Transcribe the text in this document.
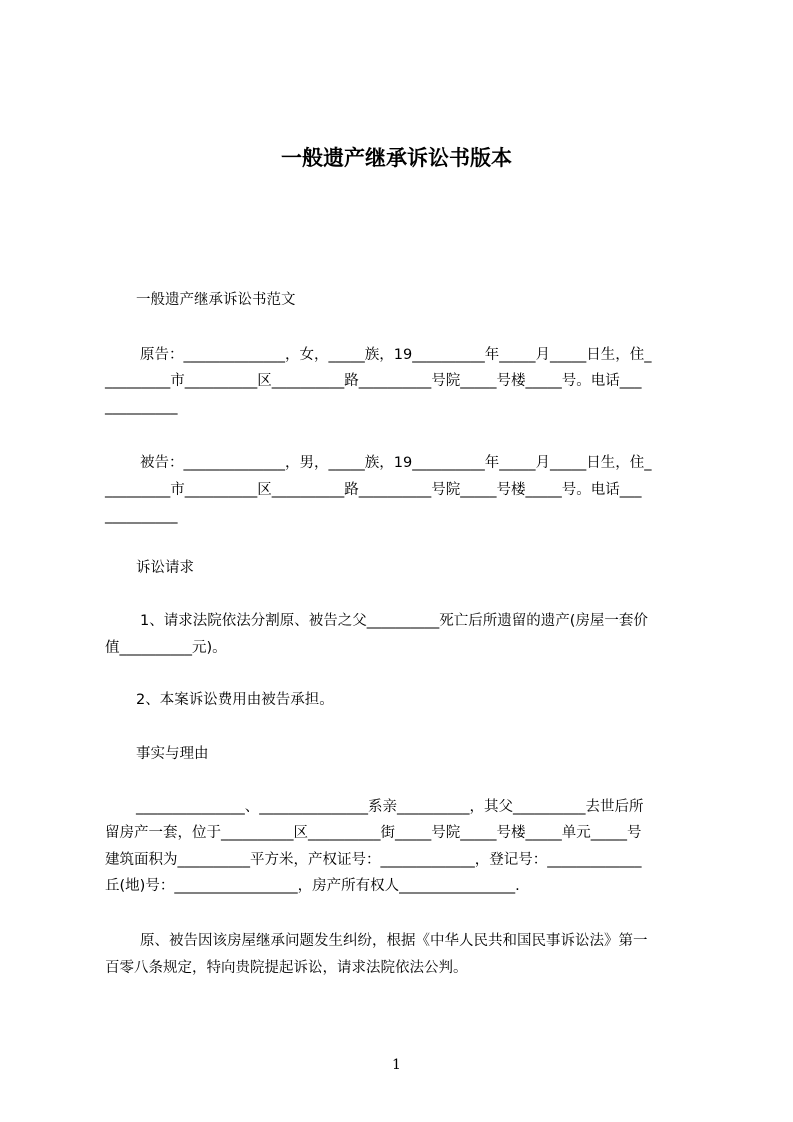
一般遗产继承诉讼书版本
一般遗产继承诉讼书范文
原告：______________，女，_____族，19__________年_____月_____日生，住_
_________市__________区__________路__________号院_____号楼_____号。电话___
__________
被告：______________，男，_____族，19__________年_____月_____日生，住_
_________市__________区__________路__________号院_____号楼_____号。电话___
__________
诉讼请求
1、请求法院依法分割原、被告之父__________死亡后所遗留的遗产(房屋一套价
值__________元)。
2、本案诉讼费用由被告承担。
事实与理由
_______________、_______________系亲__________，其父__________去世后所
留房产一套，位于__________区__________街_____号院_____号楼_____单元_____号
建筑面积为__________平方米，产权证号：_____________，登记号：_____________
丘(地)号：_________________，房产所有权人________________.
原、被告因该房屋继承问题发生纠纷，根据《中华人民共和国民事诉讼法》第一
百零八条规定，特向贵院提起诉讼，请求法院依法公判。
1
